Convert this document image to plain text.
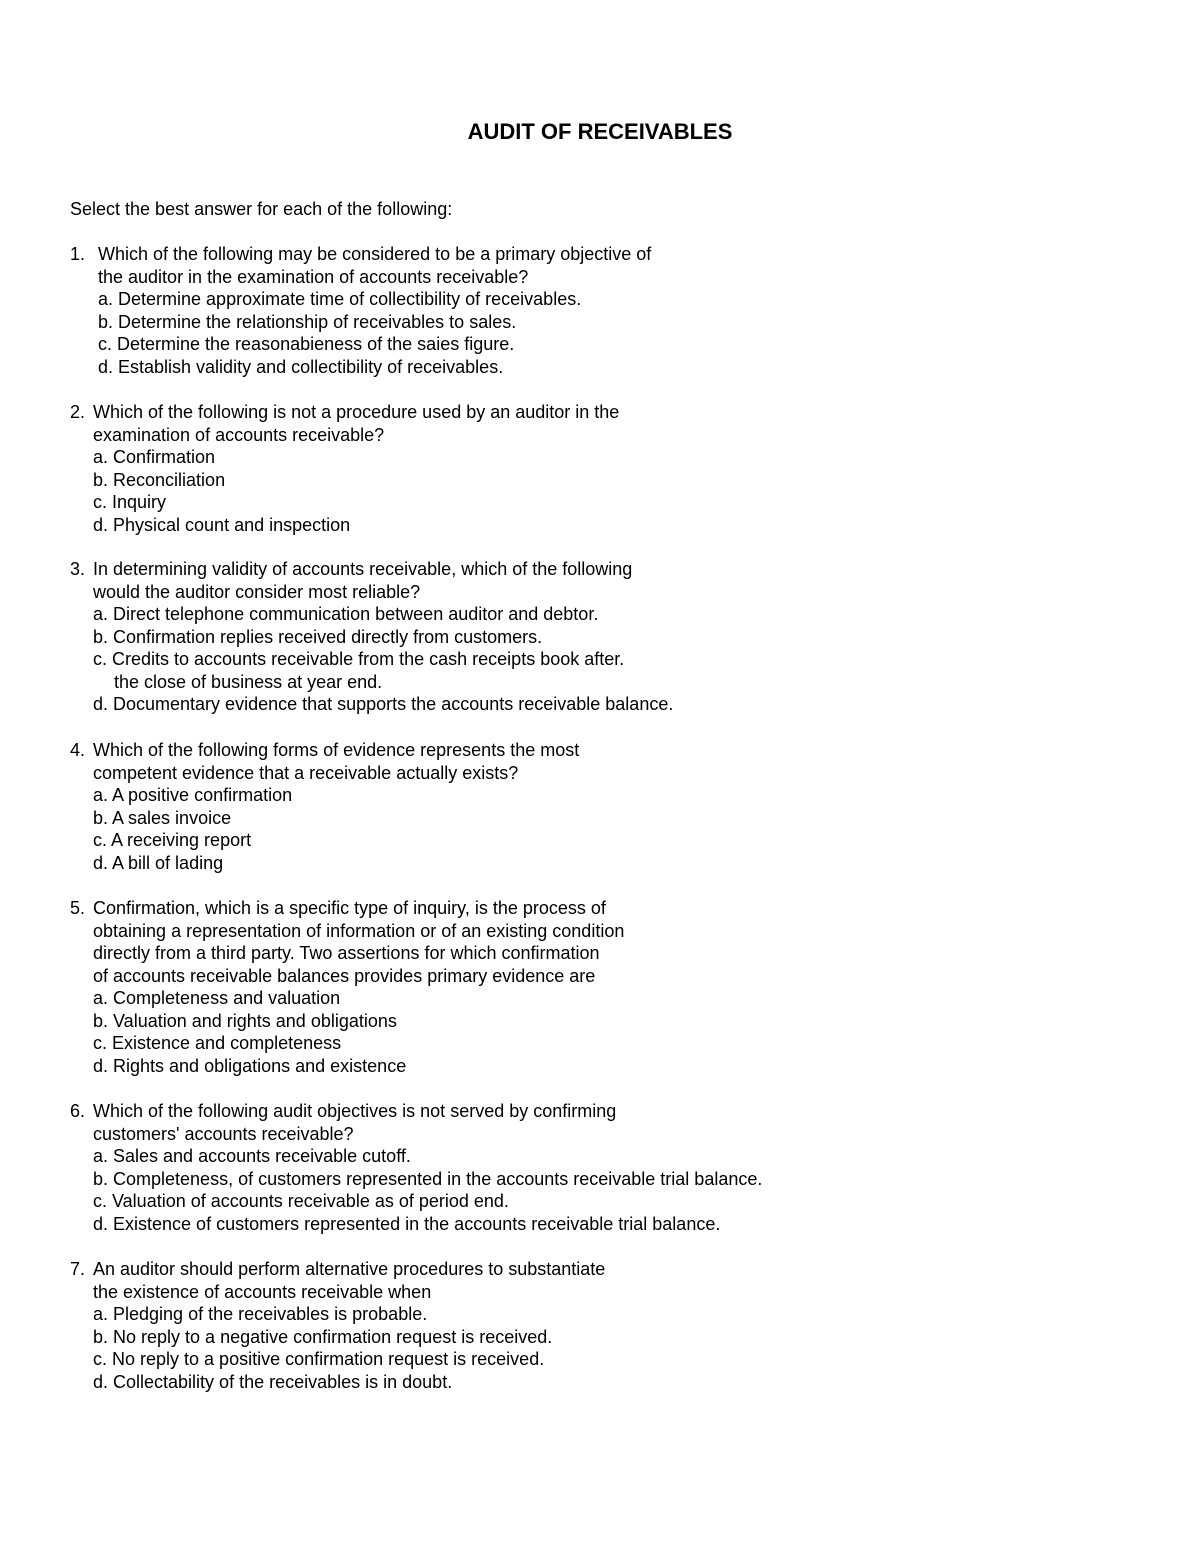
AUDIT OF RECEIVABLES

Select the best answer for each of the following:

1. Which of the following may be considered to be a primary objective of
the auditor in the examination of accounts receivable?
a. Determine approximate time of collectibility of receivables.
b. Determine the relationship of receivables to sales.
c. Determine the reasonabieness of the saies figure.
d. Establish validity and collectibility of receivables.
2. Which of the following is not a procedure used by an auditor in the
examination of accounts receivable?
a. Confirmation
b. Reconciliation
c. Inquiry
d. Physical count and inspection
3. In determining validity of accounts receivable, which of the following
would the auditor consider most reliable?
a. Direct telephone communication between auditor and debtor.
b. Confirmation replies received directly from customers.
c. Credits to accounts receivable from the cash receipts book after.
the close of business at year end.
d. Documentary evidence that supports the accounts receivable balance.
4. Which of the following forms of evidence represents the most
competent evidence that a receivable actually exists?
a. A positive confirmation
b. A sales invoice
c. A receiving report
d. A bill of lading
5. Confirmation, which is a specific type of inquiry, is the process of
obtaining a representation of information or of an existing condition
directly from a third party. Two assertions for which confirmation
of accounts receivable balances provides primary evidence are
a. Completeness and valuation
b. Valuation and rights and obligations
c. Existence and completeness
d. Rights and obligations and existence
6. Which of the following audit objectives is not served by confirming
customers' accounts receivable?
a. Sales and accounts receivable cutoff.
b. Completeness, of customers represented in the accounts receivable trial balance.
c. Valuation of accounts receivable as of period end.
d. Existence of customers represented in the accounts receivable trial balance.
7. An auditor should perform alternative procedures to substantiate
the existence of accounts receivable when
a. Pledging of the receivables is probable.
b. No reply to a negative confirmation request is received.
c. No reply to a positive confirmation request is received.
d. Collectability of the receivables is in doubt.
